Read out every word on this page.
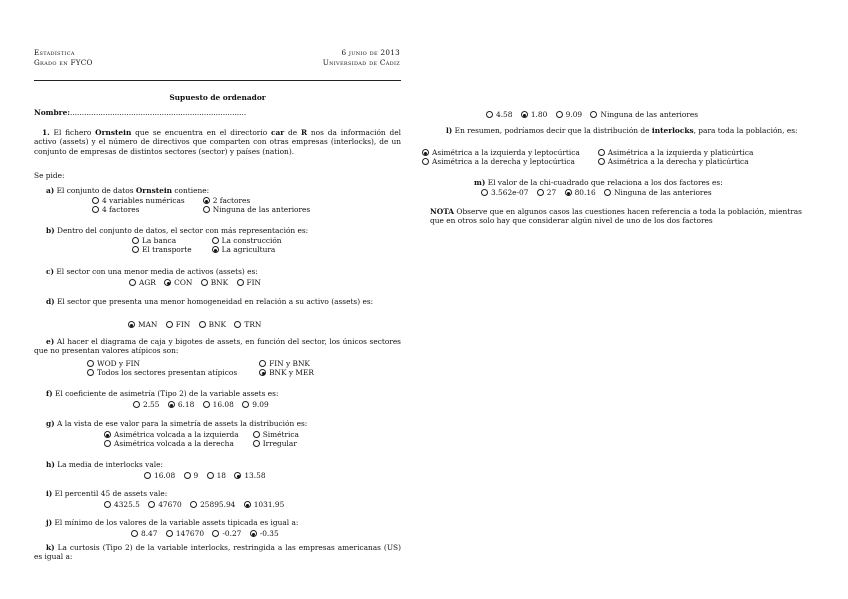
Estadística
Grado en FYCO
6 junio de 2013
Universidad de Cádiz
Supuesto de ordenador
Nombre:...........................................................................
1. El fichero Ornstein que se encuentra en el directorio car de R nos da información del activo (assets) y el número de directivos que comparten con otras empresas (interlocks), de un conjunto de empresas de distintos sectores (sector) y países (nation).
Se pide:
a) El conjunto de datos Ornstein contiene:
4 variables numéricas	2 factores
4 factores	Ninguna de las anteriores
b) Dentro del conjunto de datos, el sector con más representación es:
La banca	La construcción
El transporte	La agricultura
c) El sector con una menor media de activos (assets) es:
AGR
CON
BNK
FIN
d) El sector que presenta una menor homogeneidad en relación a su activo (assets) es:
MAN
FIN
BNK
TRN
e) Al hacer el diagrama de caja y bigotes de assets, en función del sector, los únicos sectores que no presentan valores atípicos son:
WOD y FIN	FIN y BNK
Todos los sectores presentan atípicos	BNK y MER
f) El coeficiente de asimetría (Tipo 2) de la variable assets es:
2.55
6.18
16.08
9.09
g) A la vista de ese valor para la simetría de assets la distribución es:
Asimétrica volcada a la izquierda	Simétrica
Asimétrica volcada a la derecha	Irregular
h) La media de interlocks vale:
16.08
9
18
13.58
i) El percentil 45 de assets vale:
4325.5
47670
25895.94
1031.95
j) El mínimo de los valores de la variable assets tipicada es igual a:
8.47
147670
-0.27
-0.35
k) La curtosis (Tipo 2) de la variable interlocks, restringida a las empresas americanas (US) es igual a:
4.58
1.80
9.09
Ninguna de las anteriores
l) En resumen, podríamos decir que la distribución de interlocks, para toda la población, es:
Asimétrica a la izquierda y leptocúrtica	Asimétrica a la izquierda y platicúrtica
Asimétrica a la derecha y leptocúrtica	Asimétrica a la derecha y platicúrtica
m) El valor de la chi-cuadrado que relaciona a los dos factores es:
3.562e-07
27
80.16
Ninguna de las anteriores
NOTA Observe que en algunos casos las cuestiones hacen referencia a toda la población, mientras que en otros solo hay que considerar algún nivel de uno de los dos factores
